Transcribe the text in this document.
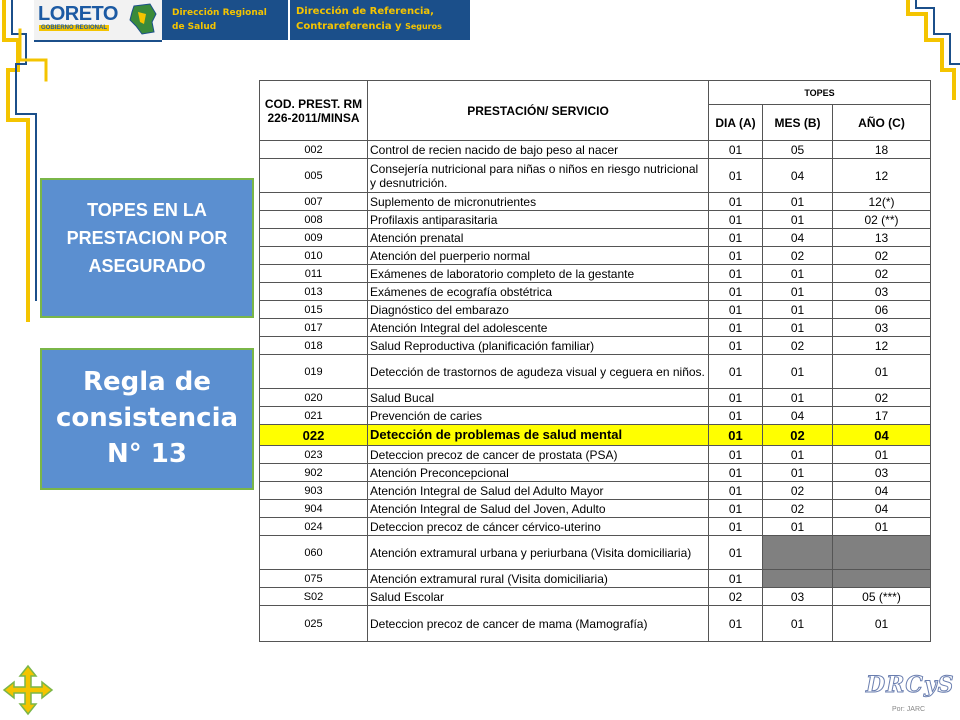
LORETO
GOBIERNO REGIONAL
Dirección Regional
de Salud
Dirección de Referencia,
Contrareferencia y Seguros
TOPES EN LA PRESTACION POR ASEGURADO
Regla de consistencia N° 13
COD. PREST. RM 226-2011/MINSA	PRESTACIÓN/ SERVICIO	TOPES		
		DIA (A)	MES (B)	AÑO (C)
002	Control de recien nacido de bajo peso al nacer	01	05	18
005	Consejería nutricional para niñas o niños en riesgo nutricional y desnutrición.	01	04	12
007	Suplemento de micronutrientes	01	01	12(*)
008	Profilaxis antiparasitaria	01	01	02 (**)
009	Atención prenatal	01	04	13
010	Atención del puerperio normal	01	02	02
011	Exámenes de laboratorio completo de la gestante	01	01	02
013	Exámenes de ecografía obstétrica	01	01	03
015	Diagnóstico del embarazo	01	01	06
017	Atención Integral del adolescente	01	01	03
018	Salud Reproductiva (planificación familiar)	01	02	12
019	Detección de trastornos de agudeza visual y ceguera en niños.	01	01	01
020	Salud Bucal	01	01	02
021	Prevención de caries	01	04	17
022	Detección de problemas de salud mental	01	02	04
023	Deteccion precoz de cancer de prostata (PSA)	01	01	01
902	Atención Preconcepcional	01	01	03
903	Atención Integral de Salud del Adulto Mayor	01	02	04
904	Atención Integral de Salud del Joven, Adulto	01	02	04
024	Deteccion precoz de cáncer cérvico-uterino	01	01	01
060	Atención extramural urbana y periurbana (Visita domiciliaria)	01		
075	Atención extramural rural (Visita domiciliaria)	01		
S02	Salud Escolar	02	03	05 (***)
025	Deteccion precoz de cancer de mama (Mamografía)	01	01	01
DRCyS
Por: JARC
